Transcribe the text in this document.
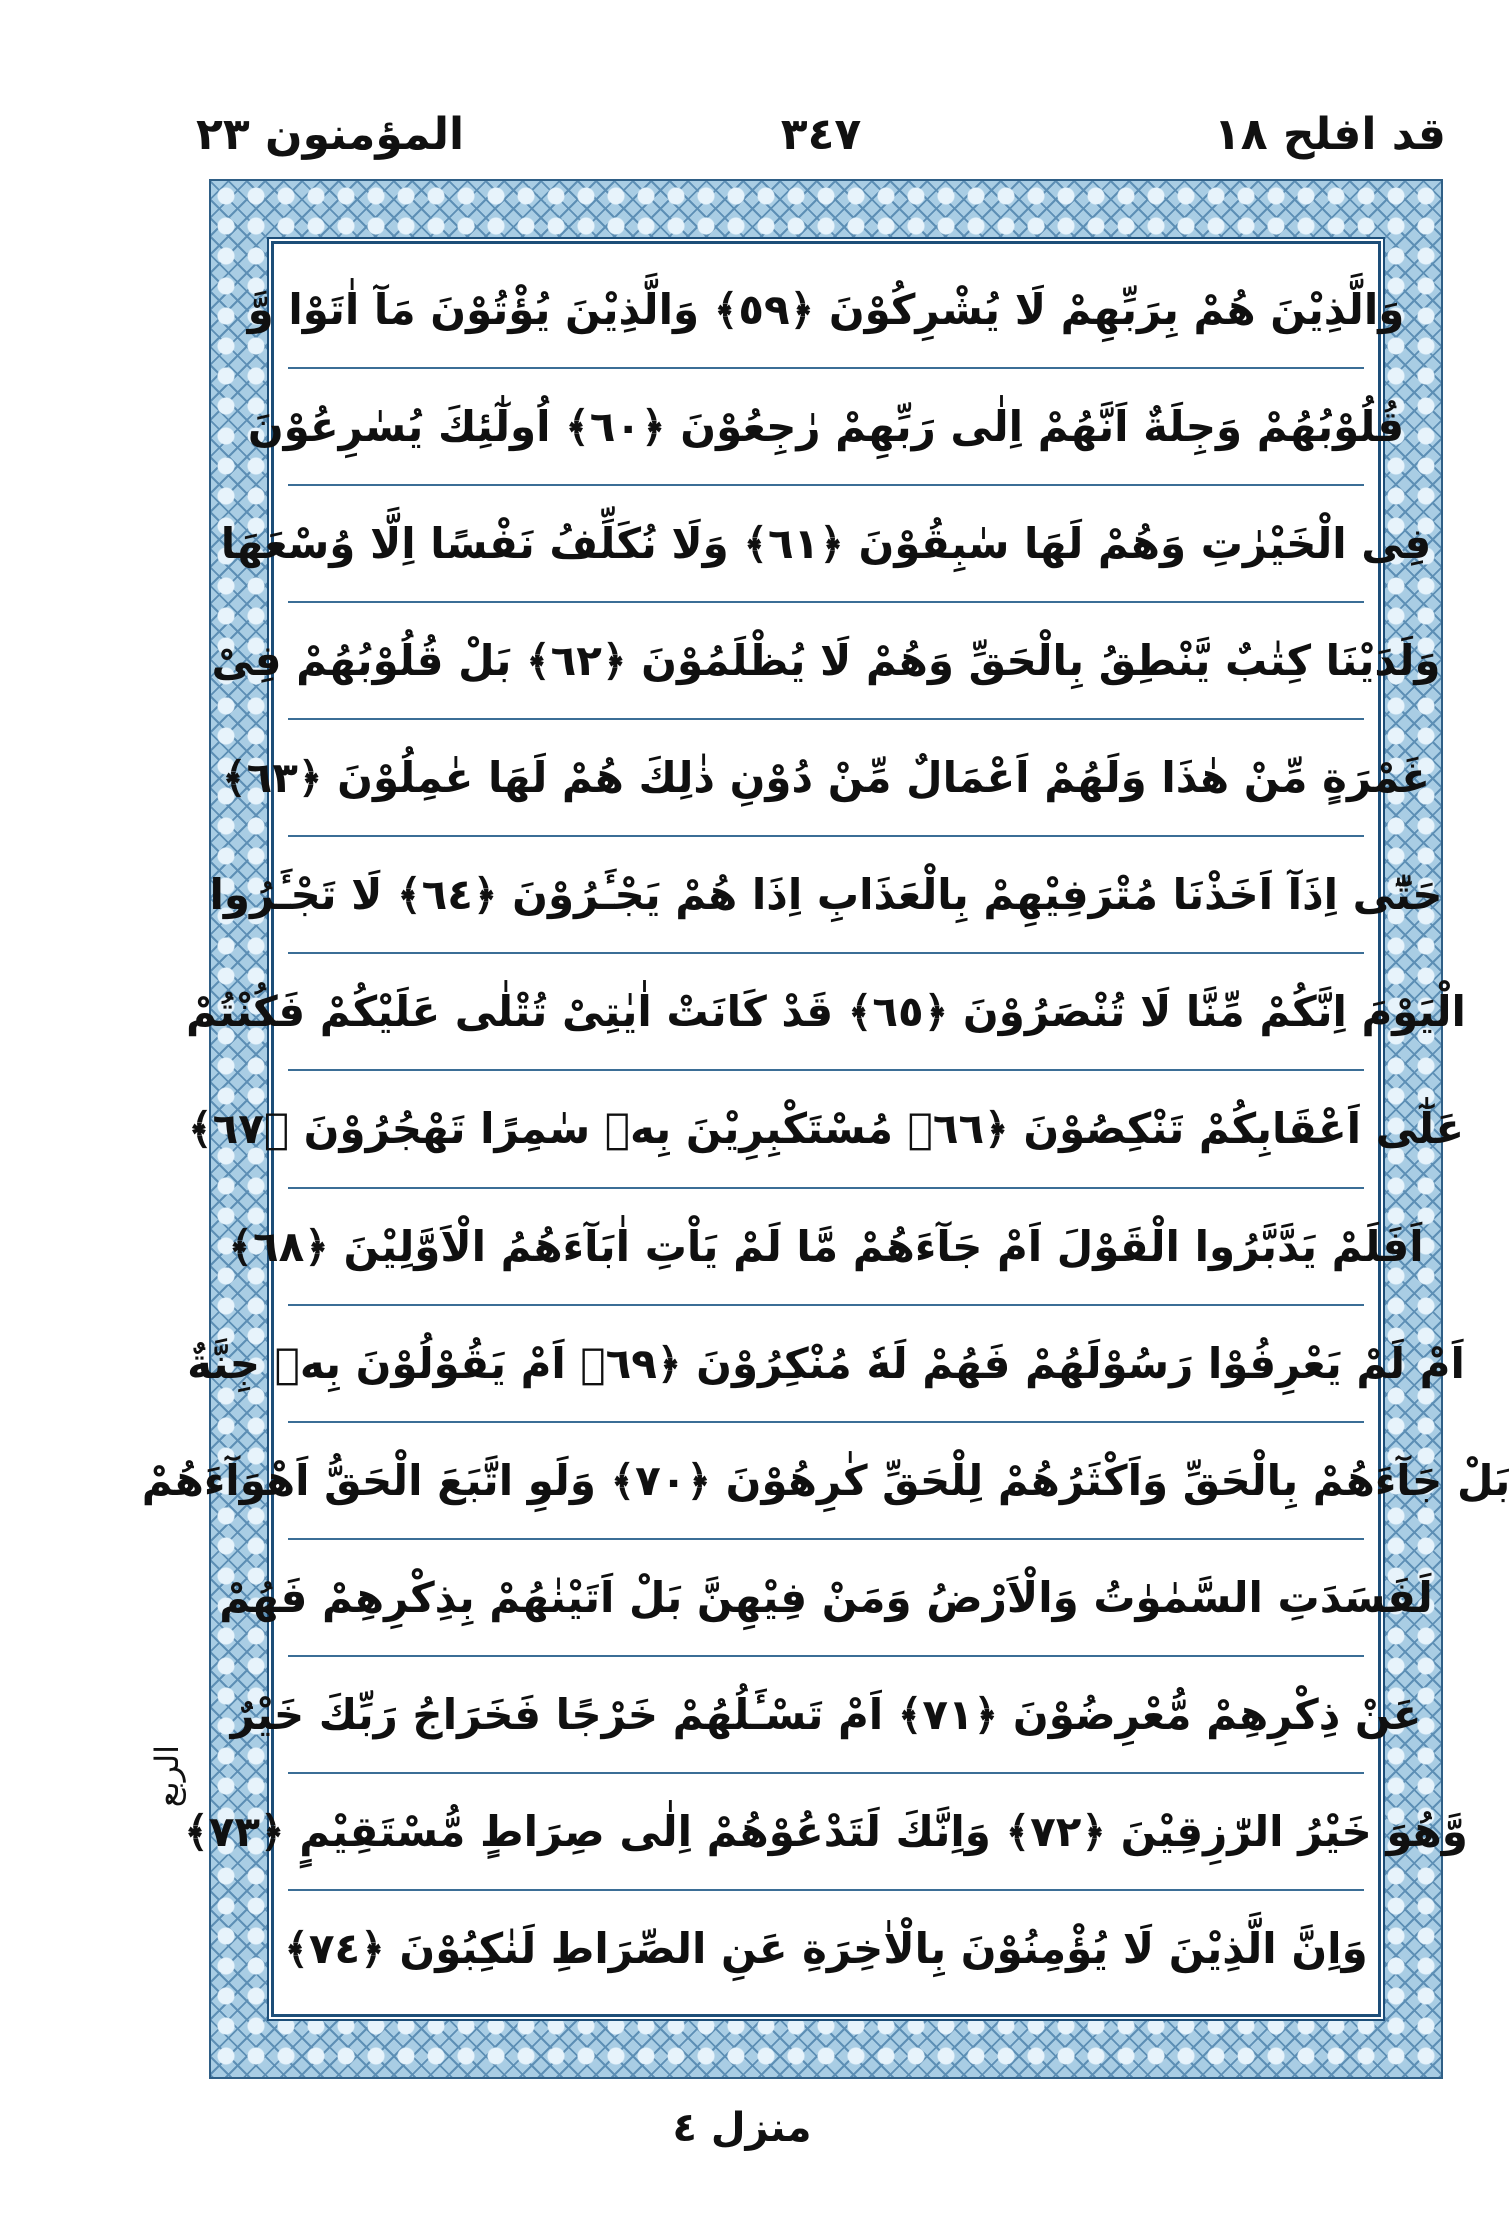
قد افلح ١٨
٣٤٧
المؤمنون ٢٣
وَالَّذِيْنَ هُمْ بِرَبِّهِمْ لَا يُشْرِكُوْنَ ﴿٥٩﴾ وَالَّذِيْنَ يُؤْتُوْنَ مَآ اٰتَوْا وَّ
قُلُوْبُهُمْ وَجِلَةٌ اَنَّهُمْ اِلٰى رَبِّهِمْ رٰجِعُوْنَ ﴿٦٠﴾ اُولٰٓئِكَ يُسٰرِعُوْنَ
فِى الْخَيْرٰتِ وَهُمْ لَهَا سٰبِقُوْنَ ﴿٦١﴾ وَلَا نُكَلِّفُ نَفْسًا اِلَّا وُسْعَهَا
وَلَدَيْنَا كِتٰبٌ يَّنْطِقُ بِالْحَقِّ وَهُمْ لَا يُظْلَمُوْنَ ﴿٦٢﴾ بَلْ قُلُوْبُهُمْ فِىْ
غَمْرَةٍ مِّنْ هٰذَا وَلَهُمْ اَعْمَالٌ مِّنْ دُوْنِ ذٰلِكَ هُمْ لَهَا عٰمِلُوْنَ ﴿٦٣﴾
حَتّٰٓى اِذَآ اَخَذْنَا مُتْرَفِيْهِمْ بِالْعَذَابِ اِذَا هُمْ يَجْـَٔرُوْنَ ﴿٦٤﴾ لَا تَجْـَٔرُوا
الْيَوْمَ اِنَّكُمْ مِّنَّا لَا تُنْصَرُوْنَ ﴿٦٥﴾ قَدْ كَانَتْ اٰيٰتِىْ تُتْلٰى عَلَيْكُمْ فَكُنْتُمْ
عَلٰٓى اَعْقَابِكُمْ تَنْكِصُوْنَ ﴿٦٦﴾ مُسْتَكْبِرِيْنَ بِهٖ سٰمِرًا تَهْجُرُوْنَ ﴿٦٧﴾
اَفَلَمْ يَدَّبَّرُوا الْقَوْلَ اَمْ جَآءَهُمْ مَّا لَمْ يَاْتِ اٰبَآءَهُمُ الْاَوَّلِيْنَ ﴿٦٨﴾
اَمْ لَمْ يَعْرِفُوْا رَسُوْلَهُمْ فَهُمْ لَهٗ مُنْكِرُوْنَ ﴿٦٩﴾ اَمْ يَقُوْلُوْنَ بِهٖ جِنَّةٌ
بَلْ جَآءَهُمْ بِالْحَقِّ وَاَكْثَرُهُمْ لِلْحَقِّ كٰرِهُوْنَ ﴿٧٠﴾ وَلَوِ اتَّبَعَ الْحَقُّ اَهْوَآءَهُمْ
لَفَسَدَتِ السَّمٰوٰتُ وَالْاَرْضُ وَمَنْ فِيْهِنَّ بَلْ اَتَيْنٰهُمْ بِذِكْرِهِمْ فَهُمْ
عَنْ ذِكْرِهِمْ مُّعْرِضُوْنَ ﴿٧١﴾ اَمْ تَسْـَٔلُهُمْ خَرْجًا فَخَرَاجُ رَبِّكَ خَيْرٌ
وَّهُوَ خَيْرُ الرّٰزِقِيْنَ ﴿٧٢﴾ وَاِنَّكَ لَتَدْعُوْهُمْ اِلٰى صِرَاطٍ مُّسْتَقِيْمٍ ﴿٧٣﴾
وَاِنَّ الَّذِيْنَ لَا يُؤْمِنُوْنَ بِالْاٰخِرَةِ عَنِ الصِّرَاطِ لَنٰكِبُوْنَ ﴿٧٤﴾
الربع
منزل ٤
